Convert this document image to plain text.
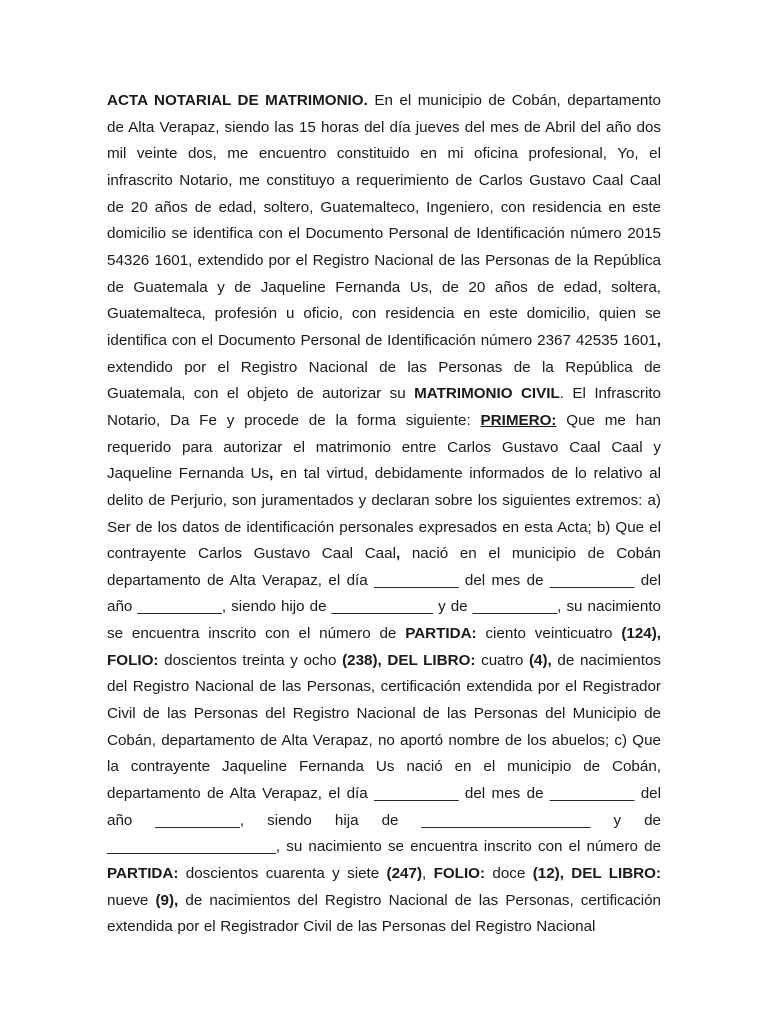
ACTA NOTARIAL DE MATRIMONIO. En el municipio de Cobán, departamento de Alta Verapaz, siendo las 15 horas del día jueves del mes de Abril del año dos mil veinte dos, me encuentro constituido en mi oficina profesional, Yo, el infrascrito Notario, me constituyo a requerimiento de Carlos Gustavo Caal Caal de 20 años de edad, soltero, Guatemalteco, Ingeniero, con residencia en este domicilio se identifica con el Documento Personal de Identificación número 2015 54326 1601, extendido por el Registro Nacional de las Personas de la República de Guatemala y de Jaqueline Fernanda Us, de 20 años de edad, soltera, Guatemalteca, profesión u oficio, con residencia en este domicilio, quien se identifica con el Documento Personal de Identificación número 2367 42535 1601, extendido por el Registro Nacional de las Personas de la República de Guatemala, con el objeto de autorizar su MATRIMONIO CIVIL. El Infrascrito Notario, Da Fe y procede de la forma siguiente: PRIMERO: Que me han requerido para autorizar el matrimonio entre Carlos Gustavo Caal Caal y Jaqueline Fernanda Us, en tal virtud, debidamente informados de lo relativo al delito de Perjurio, son juramentados y declaran sobre los siguientes extremos: a) Ser de los datos de identificación personales expresados en esta Acta; b) Que el contrayente Carlos Gustavo Caal Caal, nació en el municipio de Cobán departamento de Alta Verapaz, el día __________ del mes de __________ del año __________, siendo hijo de ____________ y de __________, su nacimiento se encuentra inscrito con el número de PARTIDA: ciento veinticuatro (124), FOLIO: doscientos treinta y ocho (238), DEL LIBRO: cuatro (4), de nacimientos del Registro Nacional de las Personas, certificación extendida por el Registrador Civil de las Personas del Registro Nacional de las Personas del Municipio de Cobán, departamento de Alta Verapaz, no aportó nombre de los abuelos; c) Que la contrayente Jaqueline Fernanda Us nació en el municipio de Cobán, departamento de Alta Verapaz, el día __________ del mes de __________ del año __________, siendo hija de ____________________ y de ____________________, su nacimiento se encuentra inscrito con el número de PARTIDA: doscientos cuarenta y siete (247), FOLIO: doce (12), DEL LIBRO: nueve (9), de nacimientos del Registro Nacional de las Personas, certificación extendida por el Registrador Civil de las Personas del Registro Nacional
